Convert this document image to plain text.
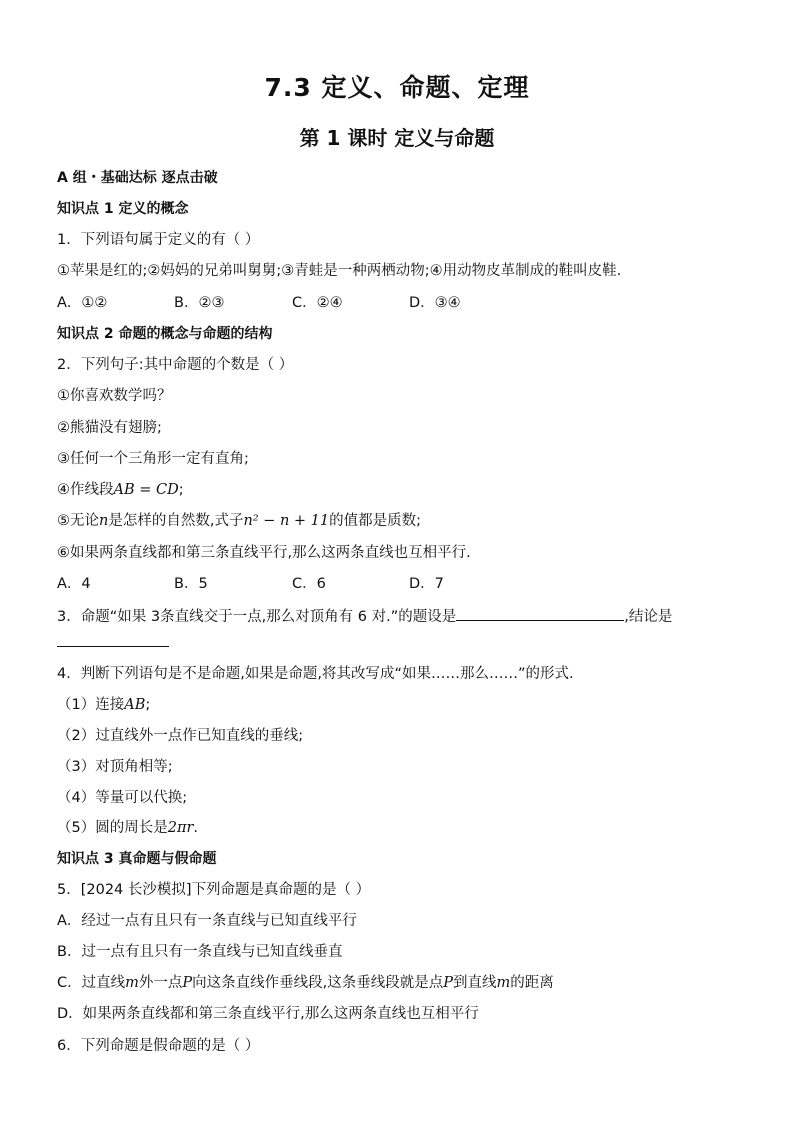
7.3 定义、命题、定理
第 1 课时 定义与命题
A 组・基础达标 逐点击破
知识点 1 定义的概念
1．下列语句属于定义的有（ ）
①苹果是红的;②妈妈的兄弟叫舅舅;③青蛙是一种两栖动物;④用动物皮革制成的鞋叫皮鞋.
A．①②	B．②③	C．②④	D．③④
知识点 2 命题的概念与命题的结构
2．下列句子:其中命题的个数是（ ）
①你喜欢数学吗？
②熊猫没有翅膀;
③任何一个三角形一定有直角;
④作线段AB = CD;
⑤无论n是怎样的自然数,式子n² − n + 11的值都是质数;
⑥如果两条直线都和第三条直线平行,那么这两条直线也互相平行.
A．4	B．5	C．6	D．7
3．命题“如果 3条直线交于一点,那么对顶角有 6 对.”的题设是	,结论是
4．判断下列语句是不是命题,如果是命题,将其改写成“如果……那么……”的形式.
（1）连接AB;
（2）过直线外一点作已知直线的垂线;
（3）对顶角相等;
（4）等量可以代换;
（5）圆的周长是2πr.
知识点 3 真命题与假命题
5．[2024 长沙模拟]下列命题是真命题的是（ ）
A．经过一点有且只有一条直线与已知直线平行
B．过一点有且只有一条直线与已知直线垂直
C．过直线m外一点P向这条直线作垂线段,这条垂线段就是点P到直线m的距离
D．如果两条直线都和第三条直线平行,那么这两条直线也互相平行
6．下列命题是假命题的是（ ）
